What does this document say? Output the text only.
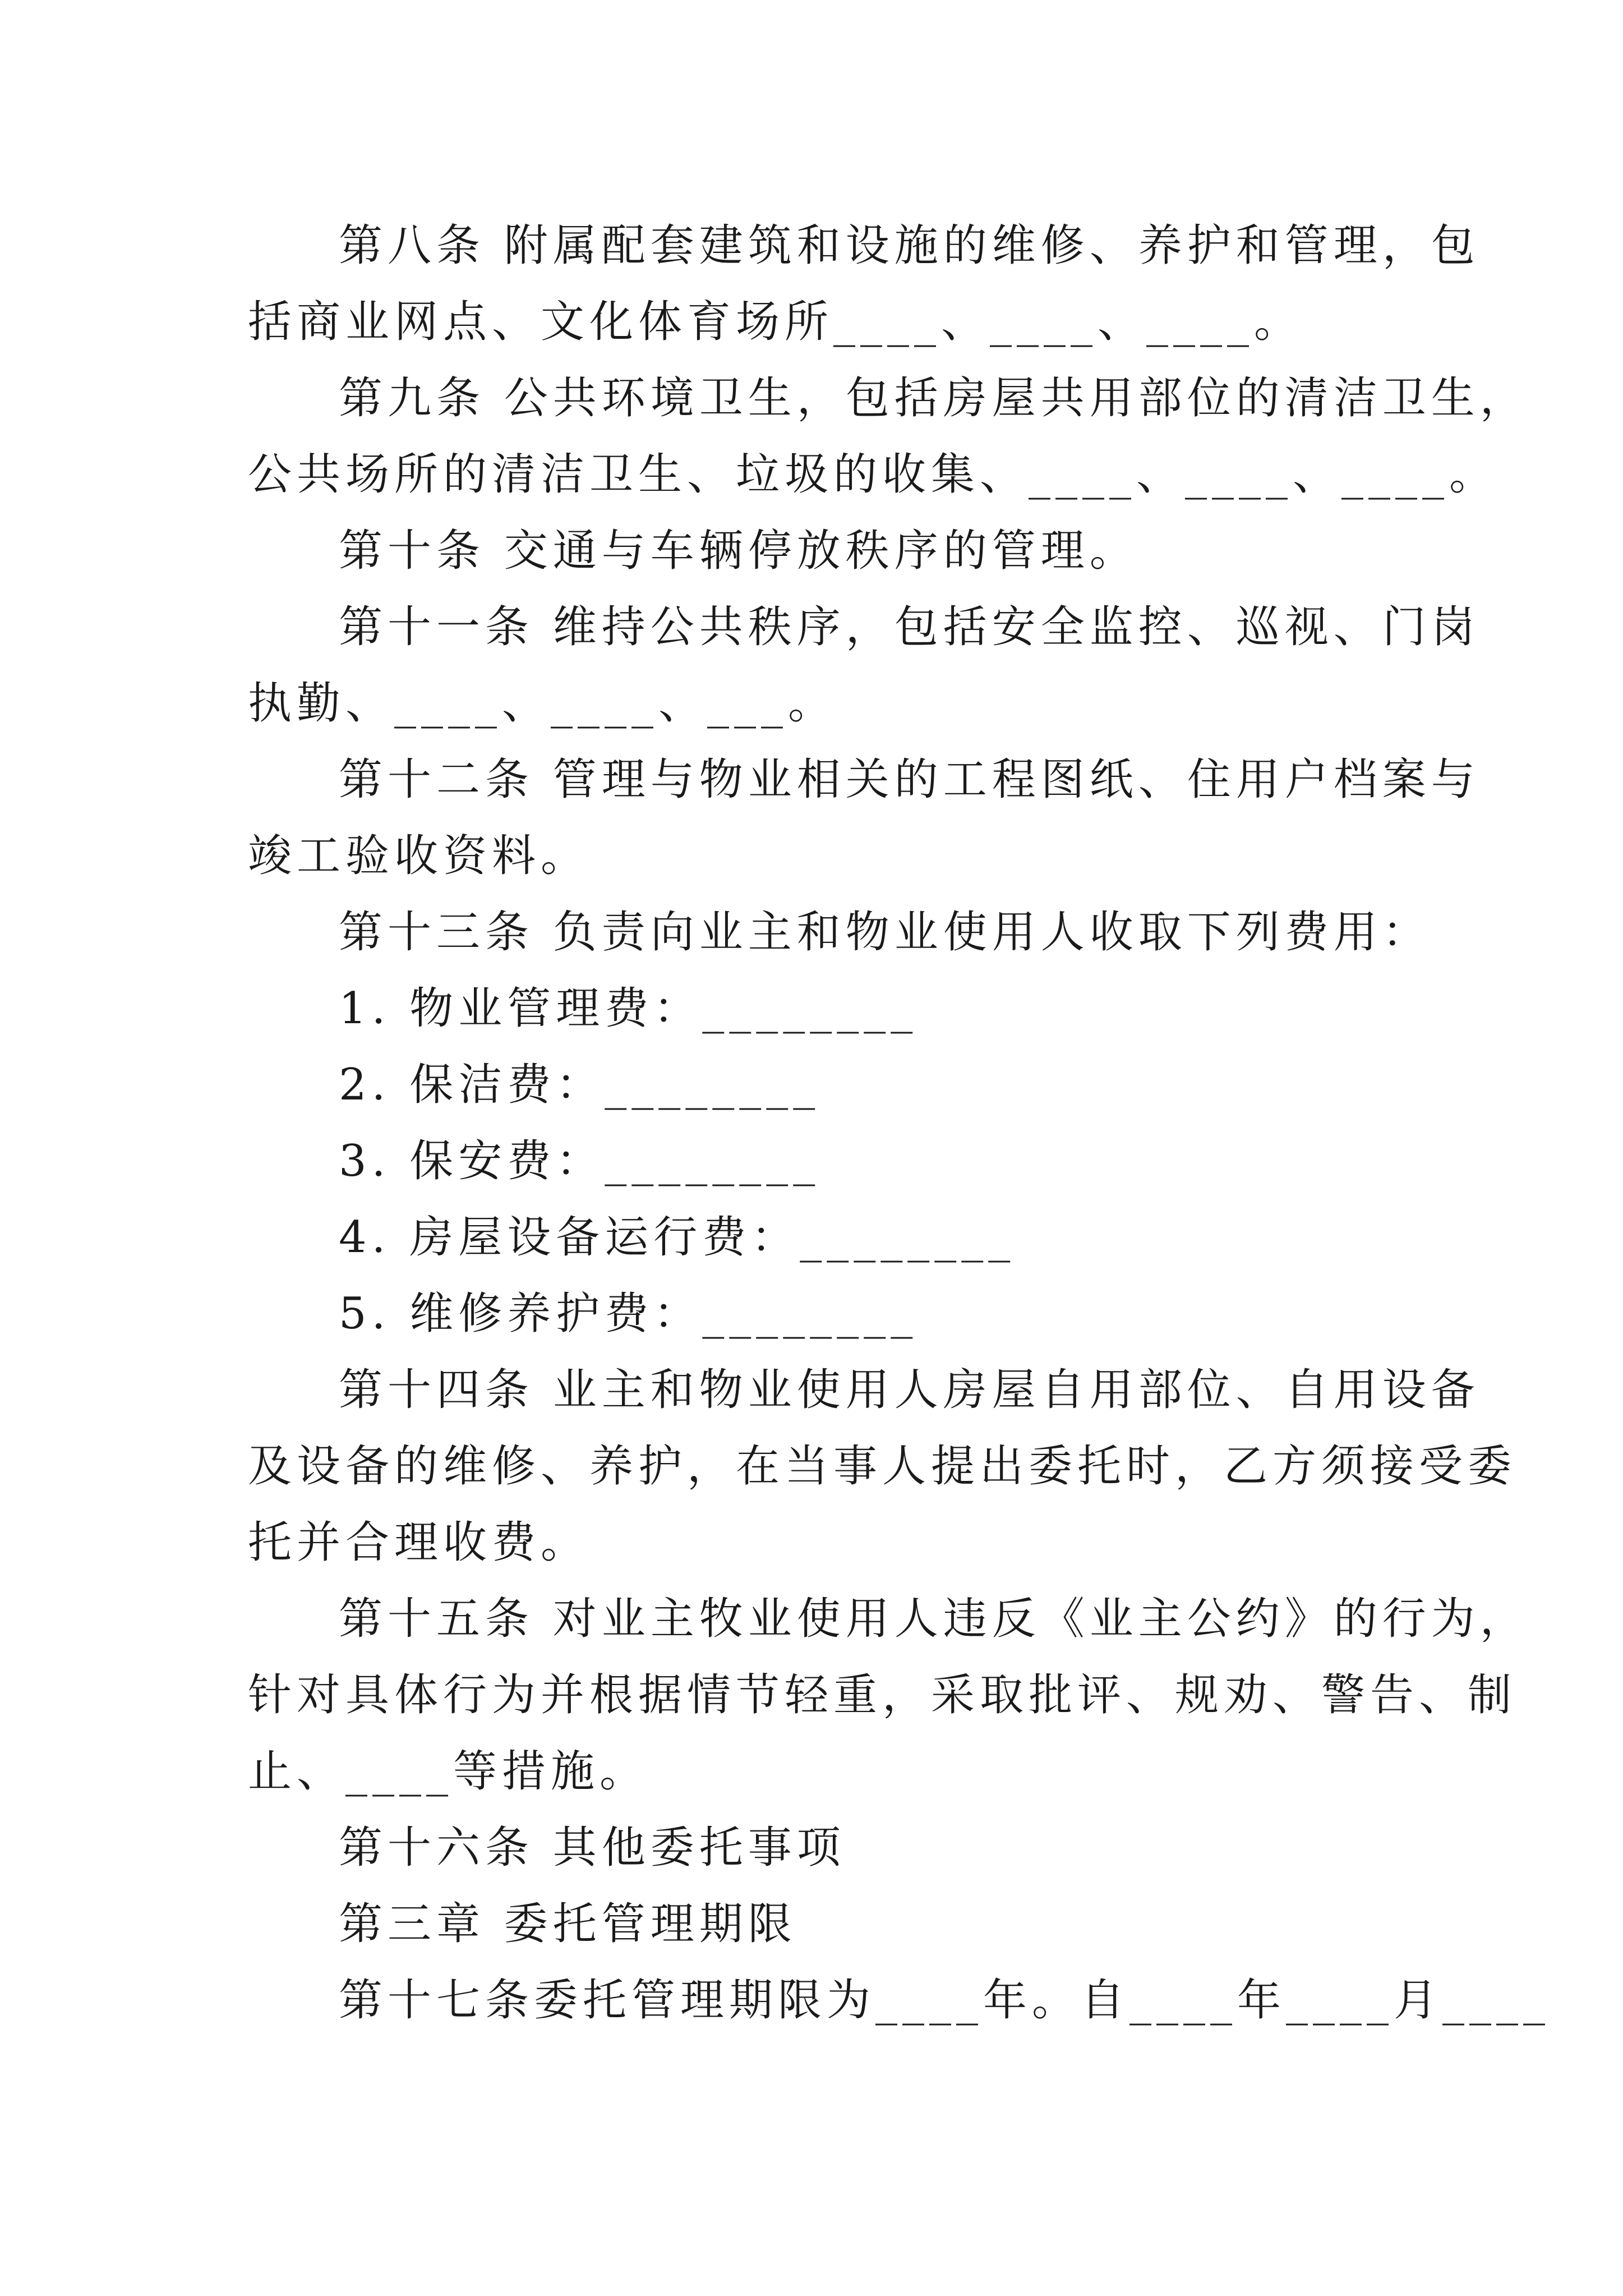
第八条 附属配套建筑和设施的维修、养护和管理，包
括商业网点、文化体育场所____、____、____。
第九条 公共环境卫生，包括房屋共用部位的清洁卫生，
公共场所的清洁卫生、垃圾的收集、____、____、____。
第十条 交通与车辆停放秩序的管理。
第十一条 维持公共秩序，包括安全监控、巡视、门岗
执勤、____、____、___。
第十二条 管理与物业相关的工程图纸、住用户档案与
竣工验收资料。
第十三条 负责向业主和物业使用人收取下列费用：
1. 物业管理费：________
2. 保洁费：________
3. 保安费：________
4. 房屋设备运行费：________
5. 维修养护费：________
第十四条 业主和物业使用人房屋自用部位、自用设备
及设备的维修、养护，在当事人提出委托时，乙方须接受委
托并合理收费。
第十五条 对业主牧业使用人违反《业主公约》的行为，
针对具体行为并根据情节轻重，采取批评、规劝、警告、制
止、____等措施。
第十六条 其他委托事项
第三章 委托管理期限
第十七条委托管理期限为____年。自____年____月____
